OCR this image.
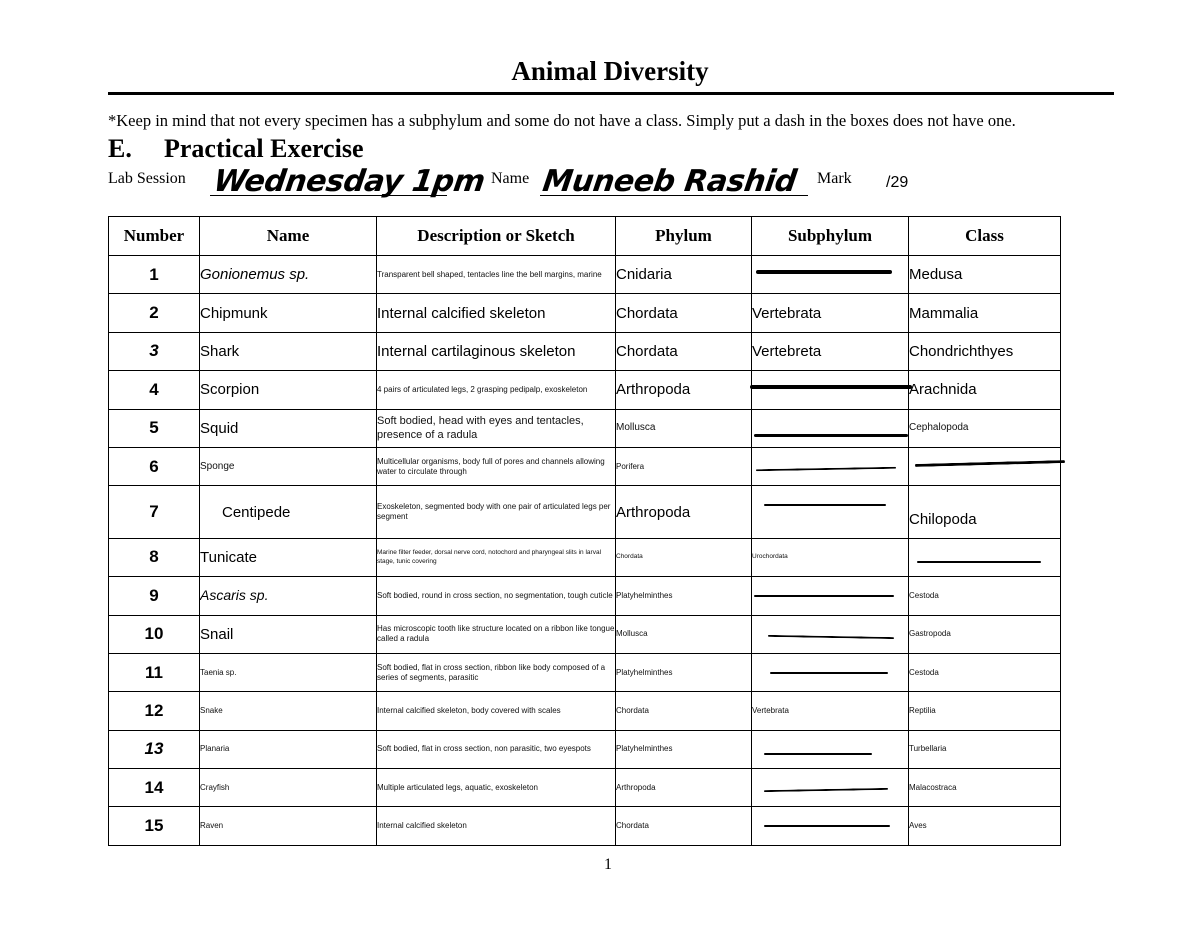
Animal Diversity
*Keep in mind that not every specimen has a subphylum and some do not have a class. Simply put a dash in the boxes does not have one.
E. Practical Exercise
Lab Session Wednesday 1pm Name Muneeb Rashid Mark /29
Number	Name	Description or Sketch	Phylum	Subphylum	Class
1	Gonionemus sp.	Transparent bell shaped, tentacles line the bell margins, marine	Cnidaria		Medusa
2	Chipmunk	Internal calcified skeleton	Chordata	Vertebrata	Mammalia
3	Shark	Internal cartilaginous skeleton	Chordata	Vertebreta	Chondrichthyes
4	Scorpion	4 pairs of articulated legs, 2 grasping pedipalp, exoskeleton	Arthropoda		Arachnida
5	Squid	Soft bodied, head with eyes and tentacles, presence of a radula	Mollusca		Cephalopoda
6	Sponge	Multicellular organisms, body full of pores and channels allowing water to circulate through	Porifera	

7	Centipede	Exoskeleton, segmented body with one pair of articulated legs per segment	Arthropoda		Chilopoda
8	Tunicate	Marine filter feeder, dorsal nerve cord, notochord and pharyngeal slits in larval stage, tunic covering	Chordata	Urochordata	

9	Ascaris sp.	Soft bodied, round in cross section, no segmentation, tough cuticle	Platyhelminthes		Cestoda
10	Snail	Has microscopic tooth like structure located on a ribbon like tongue called a radula	Mollusca		Gastropoda
11	Taenia sp.	Soft bodied, flat in cross section, ribbon like body composed of a series of segments, parasitic	Platyhelminthes		Cestoda
12	Snake	Internal calcified skeleton, body covered with scales	Chordata	Vertebrata	Reptilia
13	Planaria	Soft bodied, flat in cross section, non parasitic, two eyespots	Platyhelminthes		Turbellaria
14	Crayfish	Multiple articulated legs, aquatic, exoskeleton	Arthropoda		Malacostraca
15	Raven	Internal calcified skeleton	Chordata		Aves
1
